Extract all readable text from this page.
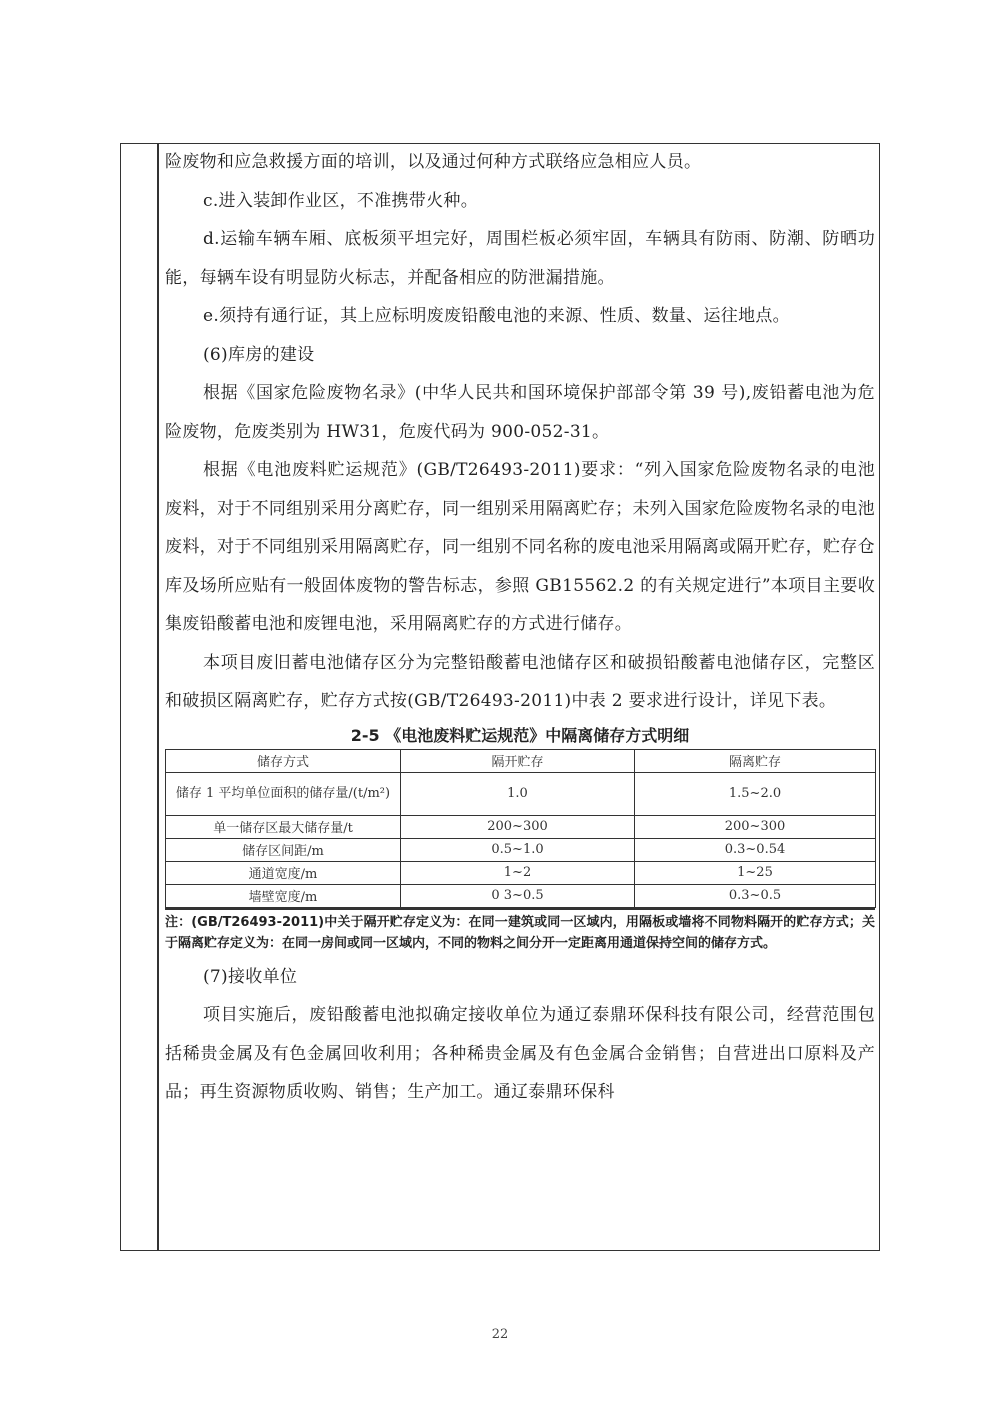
险废物和应急救援方面的培训，以及通过何种方式联络应急相应人员。

c.进入装卸作业区，不准携带火种。

d.运输车辆车厢、底板须平坦完好，周围栏板必须牢固，车辆具有防雨、防潮、防晒功能，每辆车设有明显防火标志，并配备相应的防泄漏措施。

e.须持有通行证，其上应标明废废铅酸电池的来源、性质、数量、运往地点。

(6)库房的建设

根据《国家危险废物名录》(中华人民共和国环境保护部部令第 39 号),废铅蓄电池为危险废物，危废类别为 HW31，危废代码为 900-052-31。

根据《电池废料贮运规范》(GB/T26493-2011)要求：“列入国家危险废物名录的电池废料，对于不同组别采用分离贮存，同一组别采用隔离贮存；未列入国家危险废物名录的电池废料，对于不同组别采用隔离贮存，同一组别不同名称的废电池采用隔离或隔开贮存，贮存仓库及场所应贴有一般固体废物的警告标志，参照 GB15562.2 的有关规定进行”本项目主要收集废铅酸蓄电池和废锂电池，采用隔离贮存的方式进行储存。

本项目废旧蓄电池储存区分为完整铅酸蓄电池储存区和破损铅酸蓄电池储存区，完整区和破损区隔离贮存，贮存方式按(GB/T26493-2011)中表 2 要求进行设计，详见下表。

2-5 《电池废料贮运规范》中隔离储存方式明细

储存方式	隔开贮存	隔离贮存
储存 1 平均单位面积的储存量/(t/m²)	1.0	1.5~2.0
单一储存区最大储存量/t	200~300	200~300
储存区间距/m	0.5~1.0	0.3~0.54
通道宽度/m	1~2	1~25
墙壁宽度/m	0 3~0.5	0.3~0.5

注：(GB/T26493-2011)中关于隔开贮存定义为：在同一建筑或同一区域内，用隔板或墙将不同物料隔开的贮存方式；关于隔离贮存定义为：在同一房间或同一区域内，不同的物料之间分开一定距离用通道保持空间的储存方式。

(7)接收单位

项目实施后，废铅酸蓄电池拟确定接收单位为通辽泰鼎环保科技有限公司，经营范围包括稀贵金属及有色金属回收利用；各种稀贵金属及有色金属合金销售；自营进出口原料及产品；再生资源物质收购、销售；生产加工。通辽泰鼎环保科

22
